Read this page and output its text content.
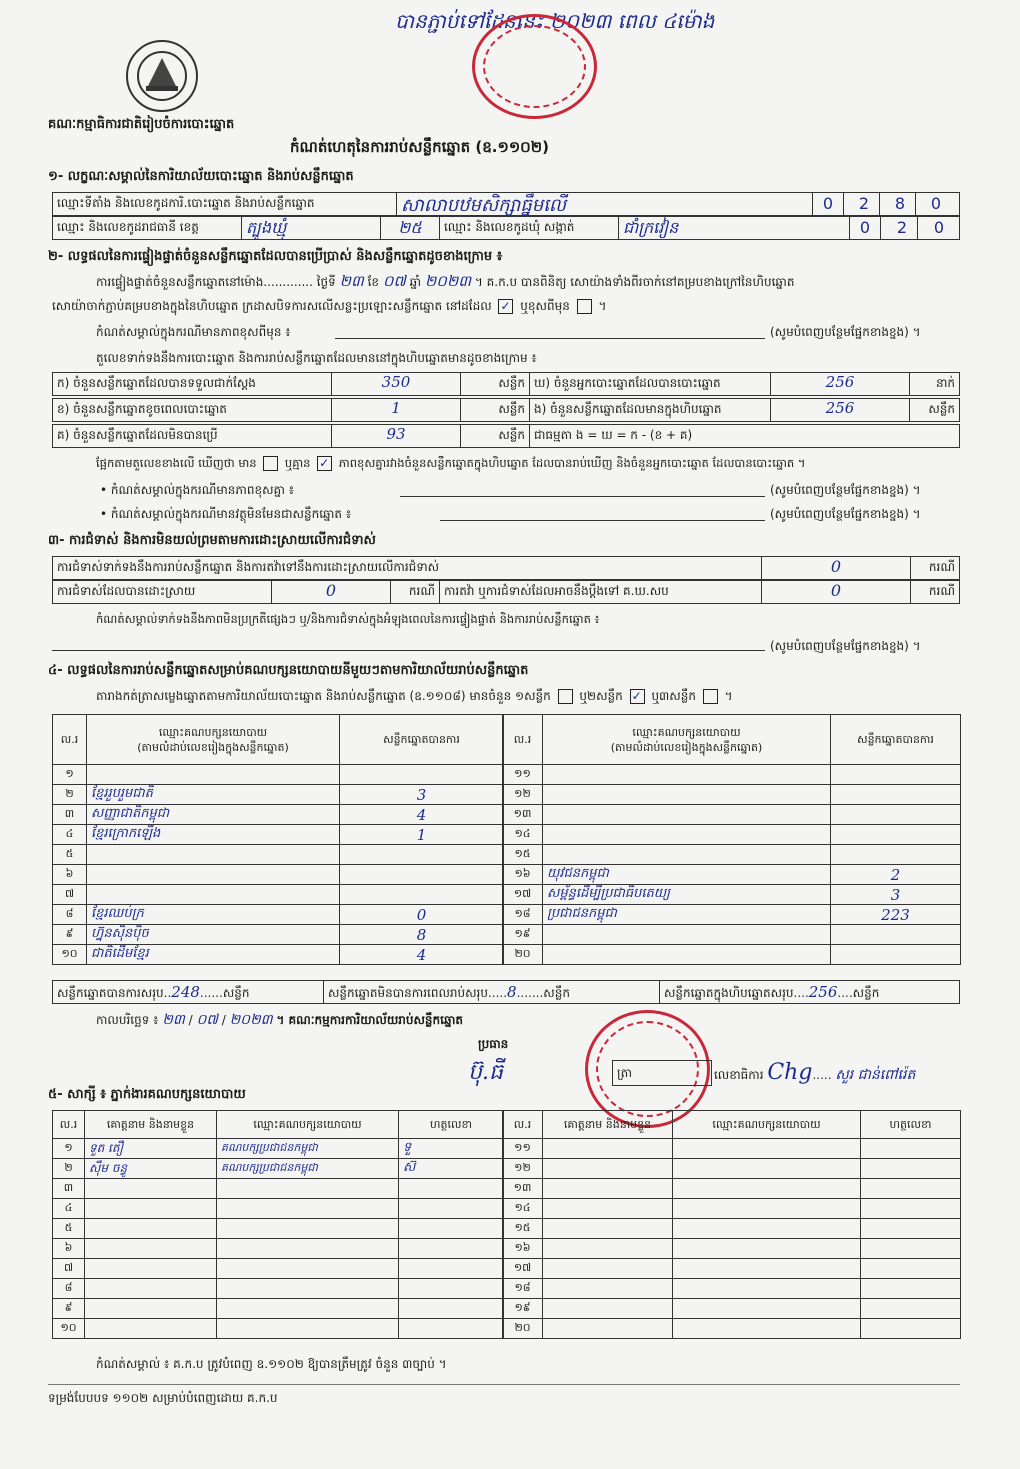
បានភ្ជាប់ទៅដែននេះ ២០២៣ ពេល ៤ម៉ោង
គណៈកម្មាធិការជាតិរៀបចំការបោះឆ្នោត
កំណត់ហេតុនៃការរាប់សន្លឹកឆ្នោត (ឧ.១១០២)
១- លក្ខណៈសម្គាល់នៃការិយាល័យបោះឆ្នោត និងរាប់សន្លឹកឆ្នោត
ឈ្មោះទីតាំង និងលេខកូដការិ.បោះឆ្នោត និងរាប់សន្លឹកឆ្នោត	សាលាបឋមសិក្សាធ្នឹមលើ	0	2	8	0
ឈ្មោះ និងលេខកូដរាជធានី ខេត្ត	ត្បូងឃ្មុំ	២៥	ឈ្មោះ និងលេខកូដឃុំ សង្កាត់	ជាំក្រវៀន	0	2	0
២- លទ្ធផលនៃការផ្ទៀងផ្ទាត់ចំនួនសន្លឹកឆ្នោតដែលបានប្រើប្រាស់ និងសន្លឹកឆ្នោតដូចខាងក្រោម ៖
ការផ្ទៀងផ្ទាត់ចំនួនសន្លឹកឆ្នោតនៅម៉ោង............. ថ្ងៃទី ២៣ ខែ ០៧ ឆ្នាំ ២០២៣ ។ គ.ក.ប បានពិនិត្យ សោយ៉ាងទាំងពីរចាក់នៅគម្របខាងក្រៅនៃហិបឆ្នោត
សោយ៉ាចាក់ភ្ជាប់គម្របខាងក្នុងនៃហិបឆ្នោត ក្រដាសបិទការសលើសន្លះប្រឡោះសន្លឹកឆ្នោត នៅដដែល ✓ ឬខុសពីមុន  ។
កំណត់សម្គាល់ក្នុងករណីមានភាពខុសពីមុន ៖	(សូមបំពេញបន្ថែមផ្នែកខាងខ្នង) ។
តួលេខទាក់ទងនឹងការបោះឆ្នោត និងការរាប់សន្លឹកឆ្នោតដែលមាននៅក្នុងហិបឆ្នោតមានដូចខាងក្រោម ៖
ក) ចំនួនសន្លឹកឆ្នោតដែលបានទទួលជាក់ស្តែង	350	សន្លឹក ឃ) ចំនួនអ្នកបោះឆ្នោតដែលបានបោះឆ្នោត	256	នាក់
ខ) ចំនួនសន្លឹកឆ្នោតខូចពេលបោះឆ្នោត	1	សន្លឹក ង) ចំនួនសន្លឹកឆ្នោតដែលមានក្នុងហិបឆ្នោត	256	សន្លឹក
គ) ចំនួនសន្លឹកឆ្នោតដែលមិនបានប្រើ	93	សន្លឹក ជាធម្មតា ង = ឃ = ក - (ខ + គ)
ផ្អែកតាមតួលេខខាងលើ ឃើញថា មាន ឬគ្មាន ✓ ភាពខុសគ្នារវាងចំនួនសន្លឹកឆ្នោតក្នុងហិបឆ្នោត ដែលបានរាប់ឃើញ និងចំនួនអ្នកបោះឆ្នោត ដែលបានបោះឆ្នោត ។
• កំណត់សម្គាល់ក្នុងករណីមានភាពខុសគ្នា ៖	(សូមបំពេញបន្ថែមផ្នែកខាងខ្នង) ។
• កំណត់សម្គាល់ក្នុងករណីមានវត្ថុមិនមែនជាសន្លឹកឆ្នោត ៖	(សូមបំពេញបន្ថែមផ្នែកខាងខ្នង) ។
៣- ការជំទាស់ និងការមិនយល់ព្រមតាមការដោះស្រាយលើការជំទាស់
ការជំទាស់ទាក់ទងនឹងការរាប់សន្លឹកឆ្នោត និងការតវ៉ាទៅនឹងការដោះស្រាយលើការជំទាស់	0	ករណី
ការជំទាស់ដែលបានដោះស្រាយ	0	ករណី ការតវ៉ា ឬការជំទាស់ដែលអាចនឹងប្តឹងទៅ គ.ឃ.សប	0	ករណី
កំណត់សម្គាល់ទាក់ទងនឹងភាពមិនប្រក្រតីផ្សេងៗ ឬ/និងការជំទាស់ក្នុងអំឡុងពេលនៃការផ្ទៀងផ្ទាត់ និងការរាប់សន្លឹកឆ្នោត ៖
(សូមបំពេញបន្ថែមផ្នែកខាងខ្នង) ។
៤- លទ្ធផលនៃការរាប់សន្លឹកឆ្នោតសម្រាប់គណបក្សនយោបាយនីមួយៗតាមការិយាល័យរាប់សន្លឹកឆ្នោត
តារាងកត់ត្រាសម្លេងឆ្នោតតាមការិយាល័យបោះឆ្នោត និងរាប់សន្លឹកឆ្នោត (ឧ.១១០៨) មានចំនួន ១សន្លឹក ឬ២សន្លឹក ✓ ឬ៣សន្លឹក  ។
ល.រ	ឈ្មោះគណបក្សនយោបាយ
(តាមលំដាប់លេខរៀងក្នុងសន្លឹកឆ្នោត)	សន្លឹកឆ្នោតបានការ
១		
២	ខ្មែររួបរួមជាតិ	3
៣	សញ្ញាជាតិកម្ពុជា	4
៤	ខ្មែរក្រោកឡើង	1
៥		
៦		
៧		
៨	ខ្មែរឈប់ក្រ	0
៩	ហ្វ៊ុនស៊ិនប៉ិច	8
១០	ជាតិដើមខ្មែរ	4
ល.រ	ឈ្មោះគណបក្សនយោបាយ
(តាមលំដាប់លេខរៀងក្នុងសន្លឹកឆ្នោត)	សន្លឹកឆ្នោតបានការ
១១		
១២		
១៣		
១៤		
១៥		
១៦	យុវជនកម្ពុជា	2
១៧	សម្ព័ន្ធដើម្បីប្រជាធិបតេយ្យ	3
១៨	ប្រជាជនកម្ពុជា	223
១៩		
២០		
សន្លឹកឆ្នោតបានការសរុប..248......សន្លឹក	សន្លឹកឆ្នោតមិនបានការពេលរាប់សរុប.....8.......សន្លឹក	សន្លឹកឆ្នោតក្នុងហិបឆ្នោតសរុប....256....សន្លឹក
កាលបរិច្ឆេទ ៖ ២៣ / ០៧ / ២០២៣ ។ គណៈកម្មការការិយាល័យរាប់សន្លឹកឆ្នោត
ប្រធាន
ប៊ុ.ធី	ត្រា	លេខាធិការ Chg..... សួរ ជាន់ពៅរ៉េត
៥- សាក្សី ៖ ភ្នាក់ងារគណបក្សនយោបាយ
ល.រ	គោត្តនាម និងនាមខ្លួន	ឈ្មោះគណបក្សនយោបាយ	ហត្ថលេខា
១	ទួត តឿ	គណបក្សប្រជាជនកម្ពុជា	ទួ
២	ស៊ឹម ចន្ធូ	គណបក្សប្រជាជនកម្ពុជា	ស៊
៣			
៤			
៥			
៦			
៧			
៨			
៩			
១០			
ល.រ	គោត្តនាម និងនាមខ្លួន	ឈ្មោះគណបក្សនយោបាយ	ហត្ថលេខា
១១			
១២			
១៣			
១៤			
១៥			
១៦			
១៧			
១៨			
១៩			
២០			
កំណត់សម្គាល់ ៖ គ.ក.ប ត្រូវបំពេញ ឧ.១១០២ ឱ្យបានត្រឹមត្រូវ ចំនួន ៣ច្បាប់ ។
ទម្រង់បែបបទ ១១០២ សម្រាប់បំពេញដោយ គ.ក.ប
